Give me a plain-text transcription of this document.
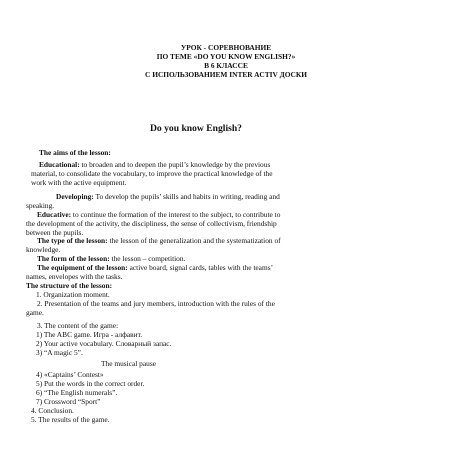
УРОК - СОРЕВНОВАНИЕ
ПО ТЕМЕ «DO YOU KNOW ENGLISH?»
В 6 КЛАССЕ
С ИСПОЛЬЗОВАНИЕМ INTER ACTIV ДОСКИ
Do you know English?
The aims of the lesson:
Educational: to broaden and to deepen the pupil’s knowledge by the previous
material, to consolidate the vocabulary, to improve the practical knowledge of the
work with the active equipment.
Developing: To develop the pupils’ skills and habits in writing, reading and
speaking.
Educative: to continue the formation of the interest to the subject, to contribute to
the development of the activity, the discipliness, the sense of collectivism, friendship
between the pupils.
The type of the lesson: the lesson of the generalization and the systematization of
knowledge.
The form of the lesson: the lesson – competition.
The equipment of the lesson: active board, signal cards, tables with the teams’
names, envelopes with the tasks.
The structure of the lesson:
1. Organization moment.
2. Presentation of the teams and jury members, introduction with the rules of the
game.
3. The content of the game:
1) The ABC game. Игра - алфавит.
2) Your active vocabulary. Словарный запас.
3) “A magic 5”.
The musical pause
4) «Captains’ Contest»
5) Put the words in the correct order.
6) “The English numerals”.
7) Crossword “Sport”
4. Conclusion.
5. The results of the game.
